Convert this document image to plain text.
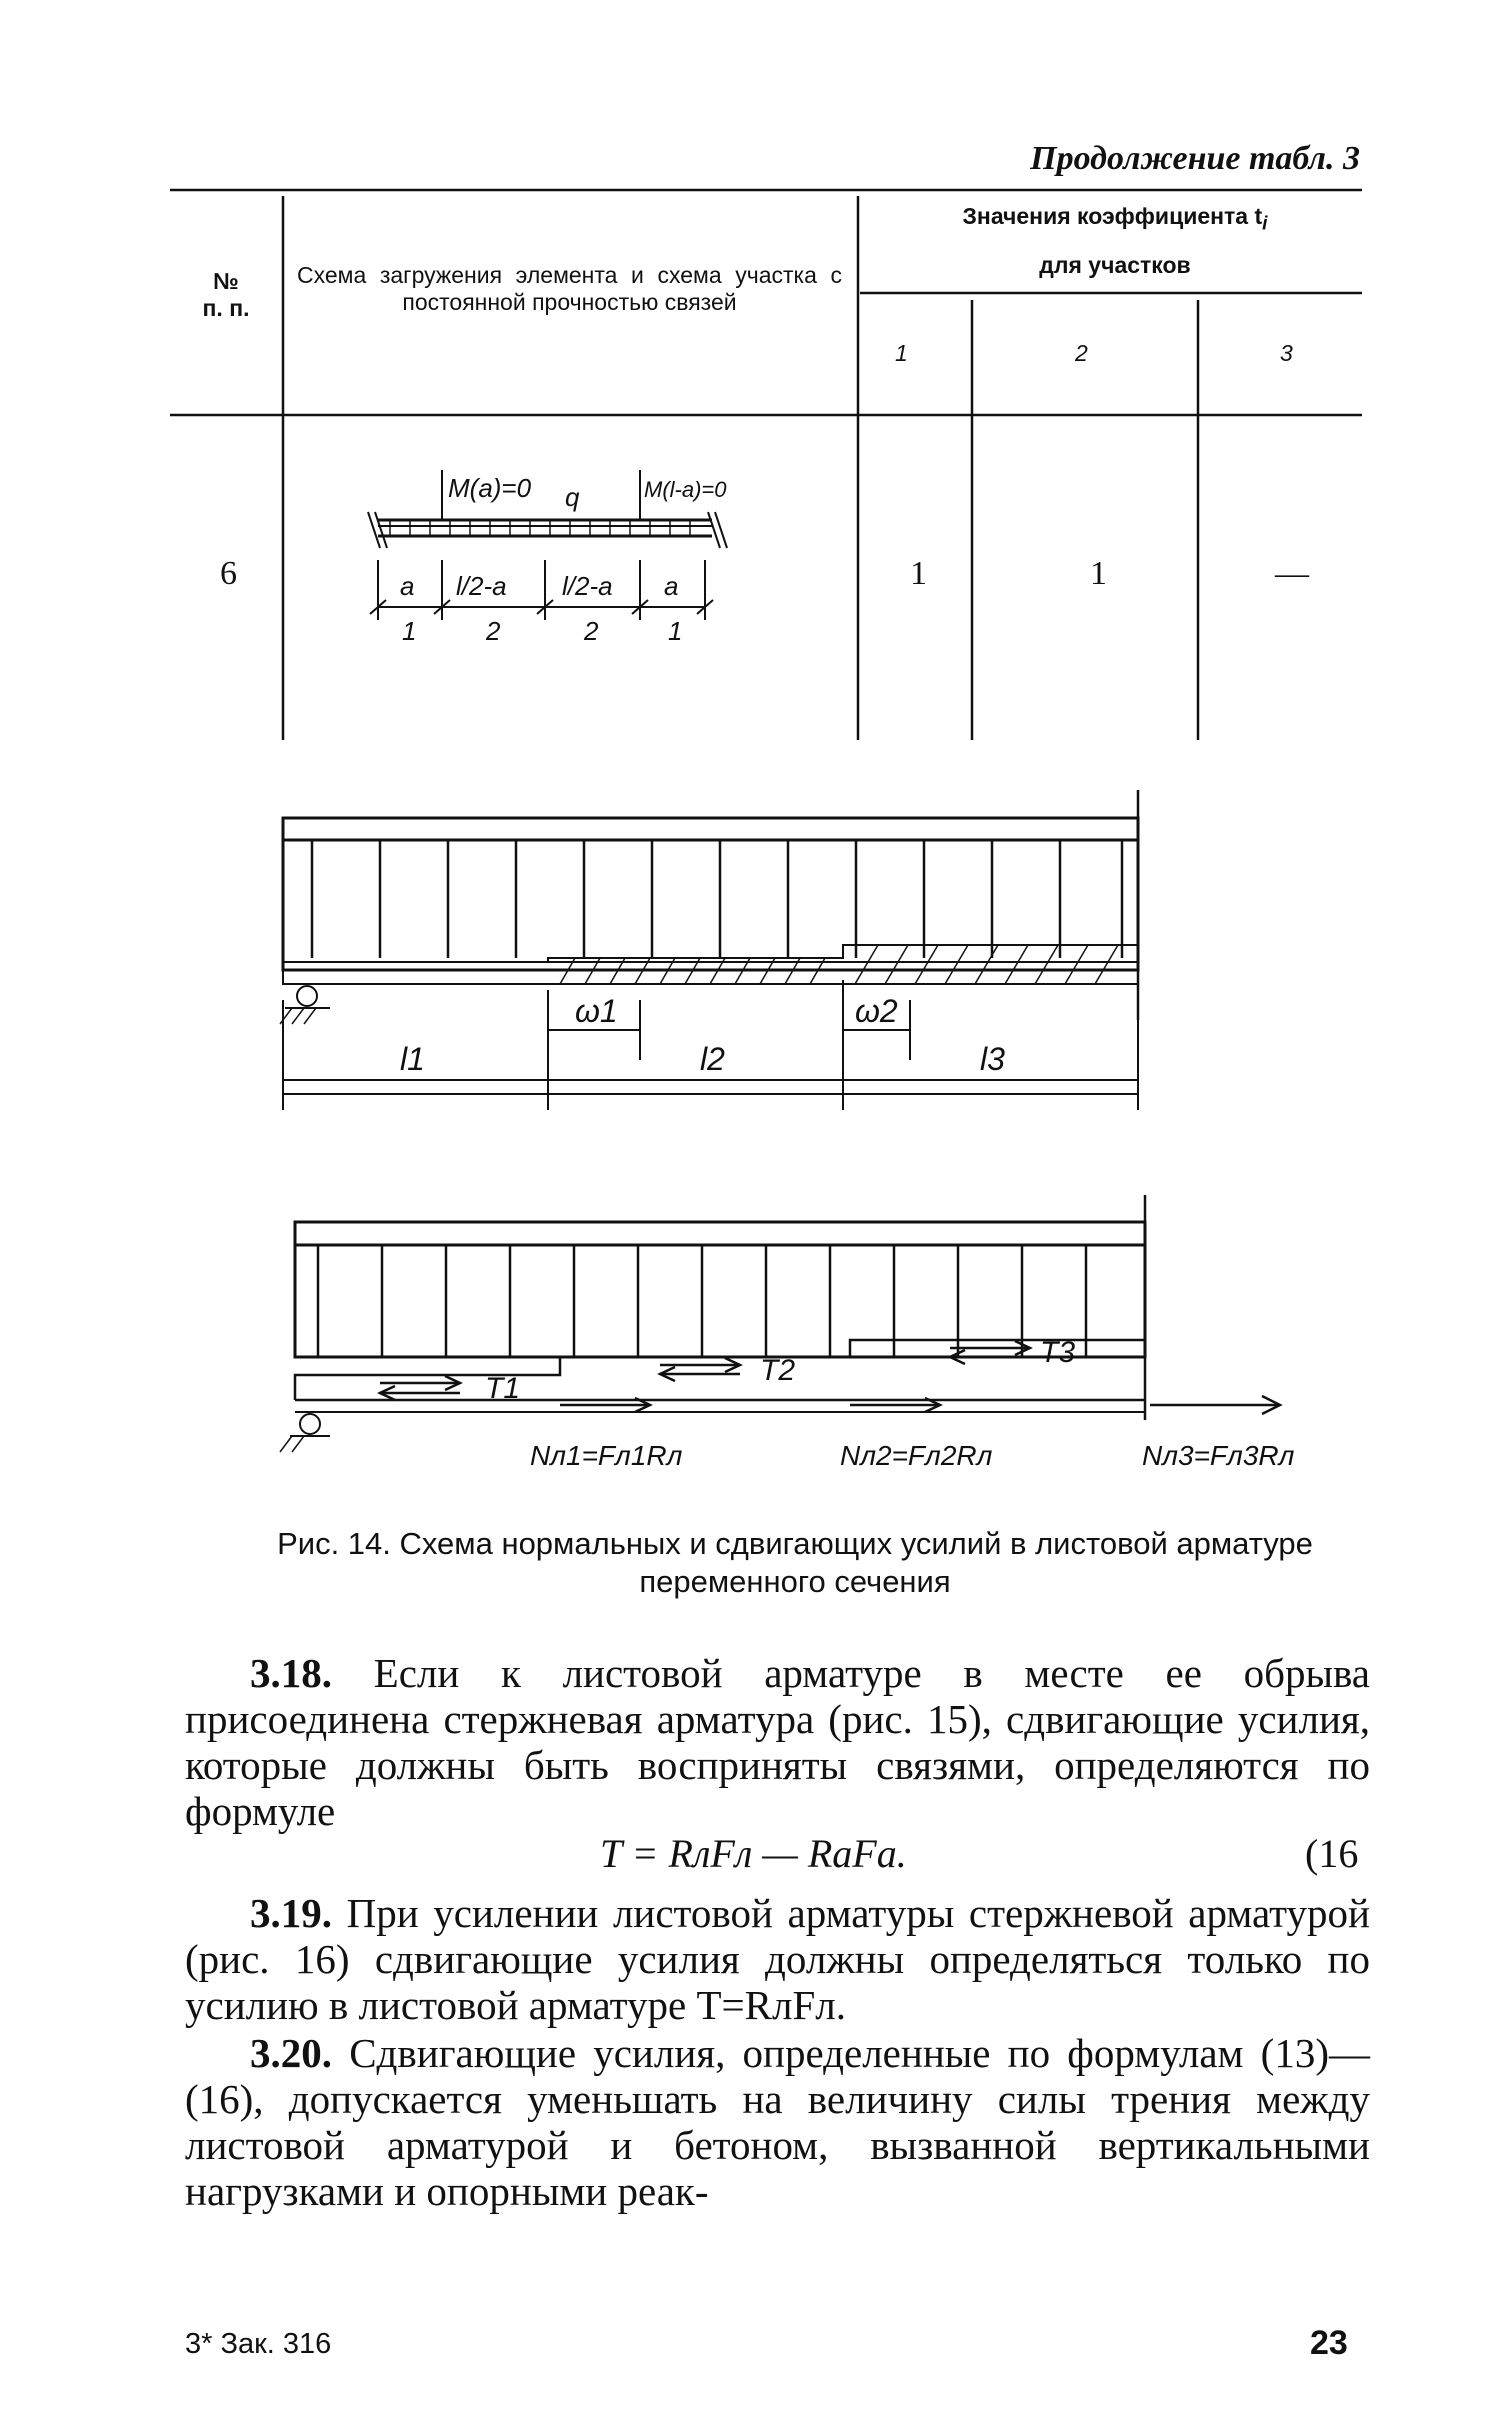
Продолжение табл. 3
M(a)=0 q	M(l-a)=0
a l/2-a l/2-a a
1	2	2	1
ω1	ω2
l1	l2	l3
T1
T2
T3
Nл1=Fл1Rл	Nл2=Fл2Rл	Nл3=Fл3Rл
№
п. п.
Схема загружения элемента и схема участка с постоянной прочностью связей
Значения коэффициента $t_i$
для участков
1	2	3
6	1	1	—
Рис. 14. Схема нормальных и сдвигающих усилий в листовой арматуре переменного сечения
3.18. Если к листовой арматуре в месте ее обрыва присоединена стержневая арматура (рис. 15), сдвигающие усилия, которые должны быть восприняты связями, определяются по формуле
T = RлFл — RаFа.	(16
3.19. При усилении листовой арматуры стержневой арматурой (рис. 16) сдвигающие усилия должны определяться только по усилию в листовой арматуре T=RлFл.
3.20. Сдвигающие усилия, определенные по формулам (13)—(16), допускается уменьшать на величину силы трения между листовой арматурой и бетоном, вызванной вертикальными нагрузками и опорными реак-
3* Зак. 316	23
